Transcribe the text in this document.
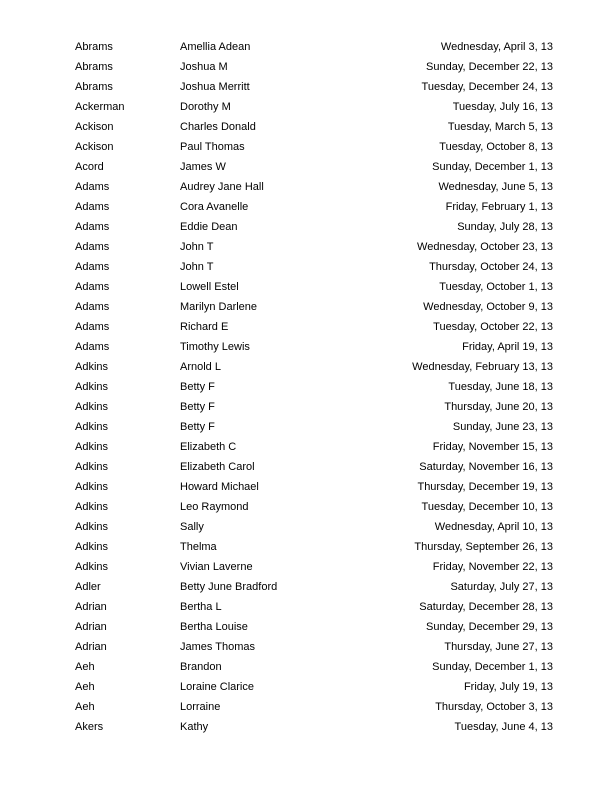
Abrams	Amellia Adean	Wednesday, April 3, 13
Abrams	Joshua M	Sunday, December 22, 13
Abrams	Joshua Merritt	Tuesday, December 24, 13
Ackerman	Dorothy M	Tuesday, July 16, 13
Ackison	Charles Donald	Tuesday, March 5, 13
Ackison	Paul Thomas	Tuesday, October 8, 13
Acord	James W	Sunday, December 1, 13
Adams	Audrey Jane Hall	Wednesday, June 5, 13
Adams	Cora Avanelle	Friday, February 1, 13
Adams	Eddie Dean	Sunday, July 28, 13
Adams	John T	Wednesday, October 23, 13
Adams	John T	Thursday, October 24, 13
Adams	Lowell Estel	Tuesday, October 1, 13
Adams	Marilyn Darlene	Wednesday, October 9, 13
Adams	Richard E	Tuesday, October 22, 13
Adams	Timothy Lewis	Friday, April 19, 13
Adkins	Arnold L	Wednesday, February 13, 13
Adkins	Betty F	Tuesday, June 18, 13
Adkins	Betty F	Thursday, June 20, 13
Adkins	Betty F	Sunday, June 23, 13
Adkins	Elizabeth C	Friday, November 15, 13
Adkins	Elizabeth Carol	Saturday, November 16, 13
Adkins	Howard Michael	Thursday, December 19, 13
Adkins	Leo Raymond	Tuesday, December 10, 13
Adkins	Sally	Wednesday, April 10, 13
Adkins	Thelma	Thursday, September 26, 13
Adkins	Vivian Laverne	Friday, November 22, 13
Adler	Betty June Bradford	Saturday, July 27, 13
Adrian	Bertha L	Saturday, December 28, 13
Adrian	Bertha Louise	Sunday, December 29, 13
Adrian	James Thomas	Thursday, June 27, 13
Aeh	Brandon	Sunday, December 1, 13
Aeh	Loraine Clarice	Friday, July 19, 13
Aeh	Lorraine	Thursday, October 3, 13
Akers	Kathy	Tuesday, June 4, 13
